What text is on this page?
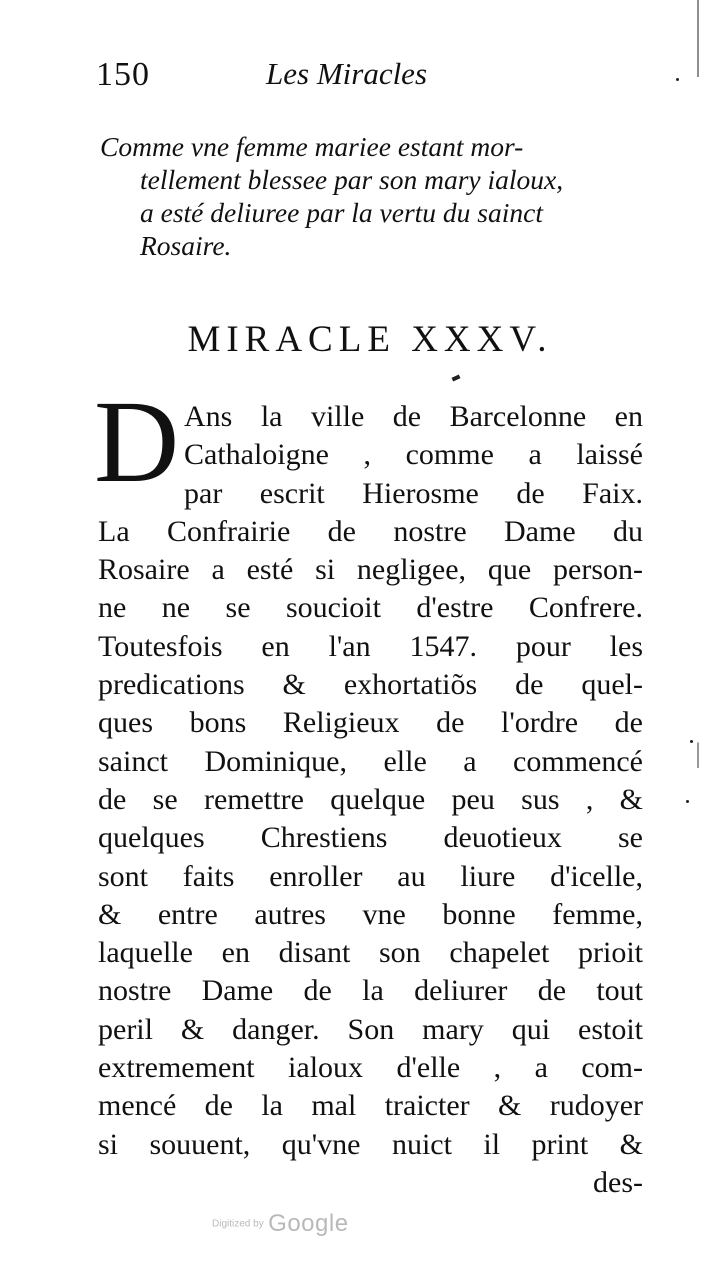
150	Les Miracles
Comme vne femme mariee estant mor-
tellement blessee par son mary ialoux,
a esté deliuree par la vertu du sainct
Rosaire.
MIRACLE XXXV.
D Ans la ville de Barcelonne en
Cathaloigne , comme a laissé
par escrit Hierosme de Faix.
La Confrairie de nostre Dame du
Rosaire a esté si negligee, que person-
ne ne se soucioit d'estre Confrere.
Toutesfois en l'an 1547. pour les
predications & exhortatiõs de quel-
ques bons Religieux de l'ordre de
sainct Dominique, elle a commencé
de se remettre quelque peu sus , &
quelques Chrestiens deuotieux se
sont faits enroller au liure d'icelle,
& entre autres vne bonne femme,
laquelle en disant son chapelet prioit
nostre Dame de la deliurer de tout
peril & danger. Son mary qui estoit
extremement ialoux d'elle , a com-
mencé de la mal traicter & rudoyer
si souuent, qu'vne nuict il print &
des-
Digitized by Google
